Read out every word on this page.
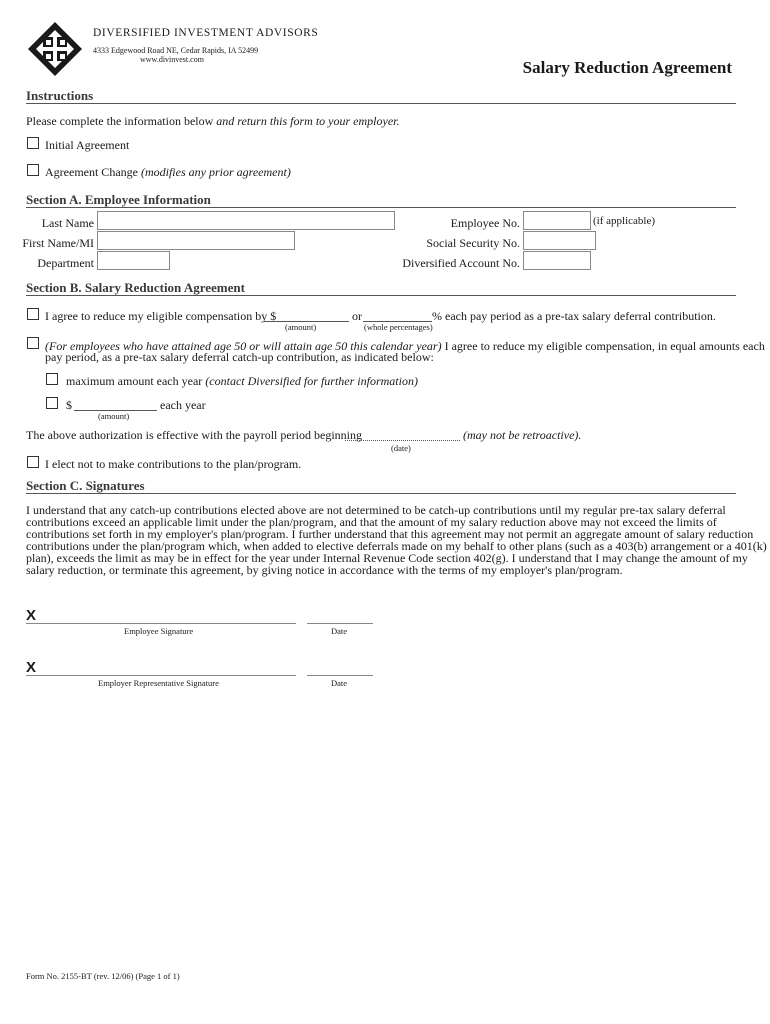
DIVERSIFIED INVESTMENT ADVISORS
4333 Edgewood Road NE, Cedar Rapids, IA 52499
www.divinvest.com	Salary Reduction Agreement
Instructions
Please complete the information below and return this form to your employer.
Initial Agreement
Agreement Change (modifies any prior agreement)
Section A. Employee Information
Last Name
First Name/MI
Department
Employee No.	(if applicable)
Social Security No.
Diversified Account No.
Section B. Salary Reduction Agreement
I agree to reduce my eligible compensation by $	or	% each pay period as a pre-tax salary deferral contribution.
(amount)	(whole percentages)
(For employees who have attained age 50 or will attain age 50 this calendar year) I agree to reduce my eligible compensation, in equal amounts each
pay period, as a pre-tax salary deferral catch-up contribution, as indicated below:
maximum amount each year (contact Diversified for further information)
$	each year
(amount)
The above authorization is effective with the payroll period beginning	(may not be retroactive).
(date)
I elect not to make contributions to the plan/program.
Section C. Signatures
I understand that any catch-up contributions elected above are not determined to be catch-up contributions until my regular pre-tax salary deferral
contributions exceed an applicable limit under the plan/program, and that the amount of my salary reduction above may not exceed the limits of
contributions set forth in my employer's plan/program. I further understand that this agreement may not permit an aggregate amount of salary reduction
contributions under the plan/program which, when added to elective deferrals made on my behalf to other plans (such as a 403(b) arrangement or a 401(k)
plan), exceeds the limit as may be in effect for the year under Internal Revenue Code section 402(g). I understand that I may change the amount of my
salary reduction, or terminate this agreement, by giving notice in accordance with the terms of my employer's plan/program.
X
Employee Signature	Date
X
Employer Representative Signature	Date
Form No. 2155-BT (rev. 12/06) (Page 1 of 1)
